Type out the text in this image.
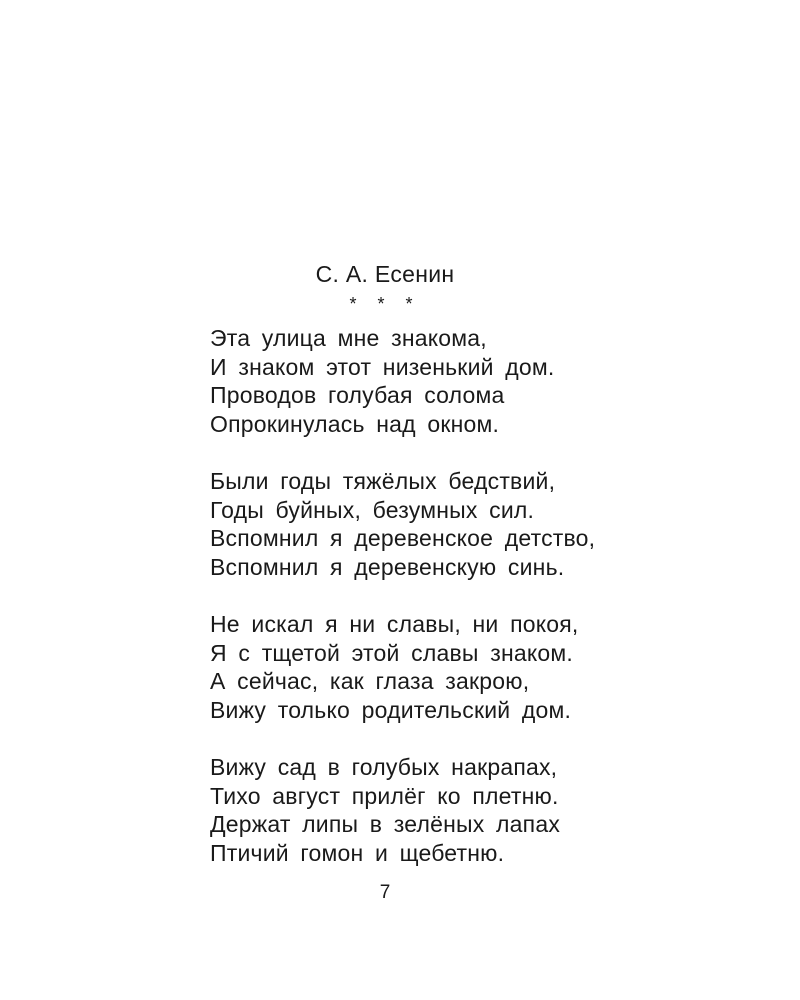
С. А. Есенин
* * *
Эта улица мне знакома,
И знаком этот низенький дом.
Проводов голубая солома
Опрокинулась над окном.
Были годы тяжёлых бедствий,
Годы буйных, безумных сил.
Вспомнил я деревенское детство,
Вспомнил я деревенскую синь.
Не искал я ни славы, ни покоя,
Я с тщетой этой славы знаком.
А сейчас, как глаза закрою,
Вижу только родительский дом.
Вижу сад в голубых накрапах,
Тихо август прилёг ко плетню.
Держат липы в зелёных лапах
Птичий гомон и щебетню.
7
